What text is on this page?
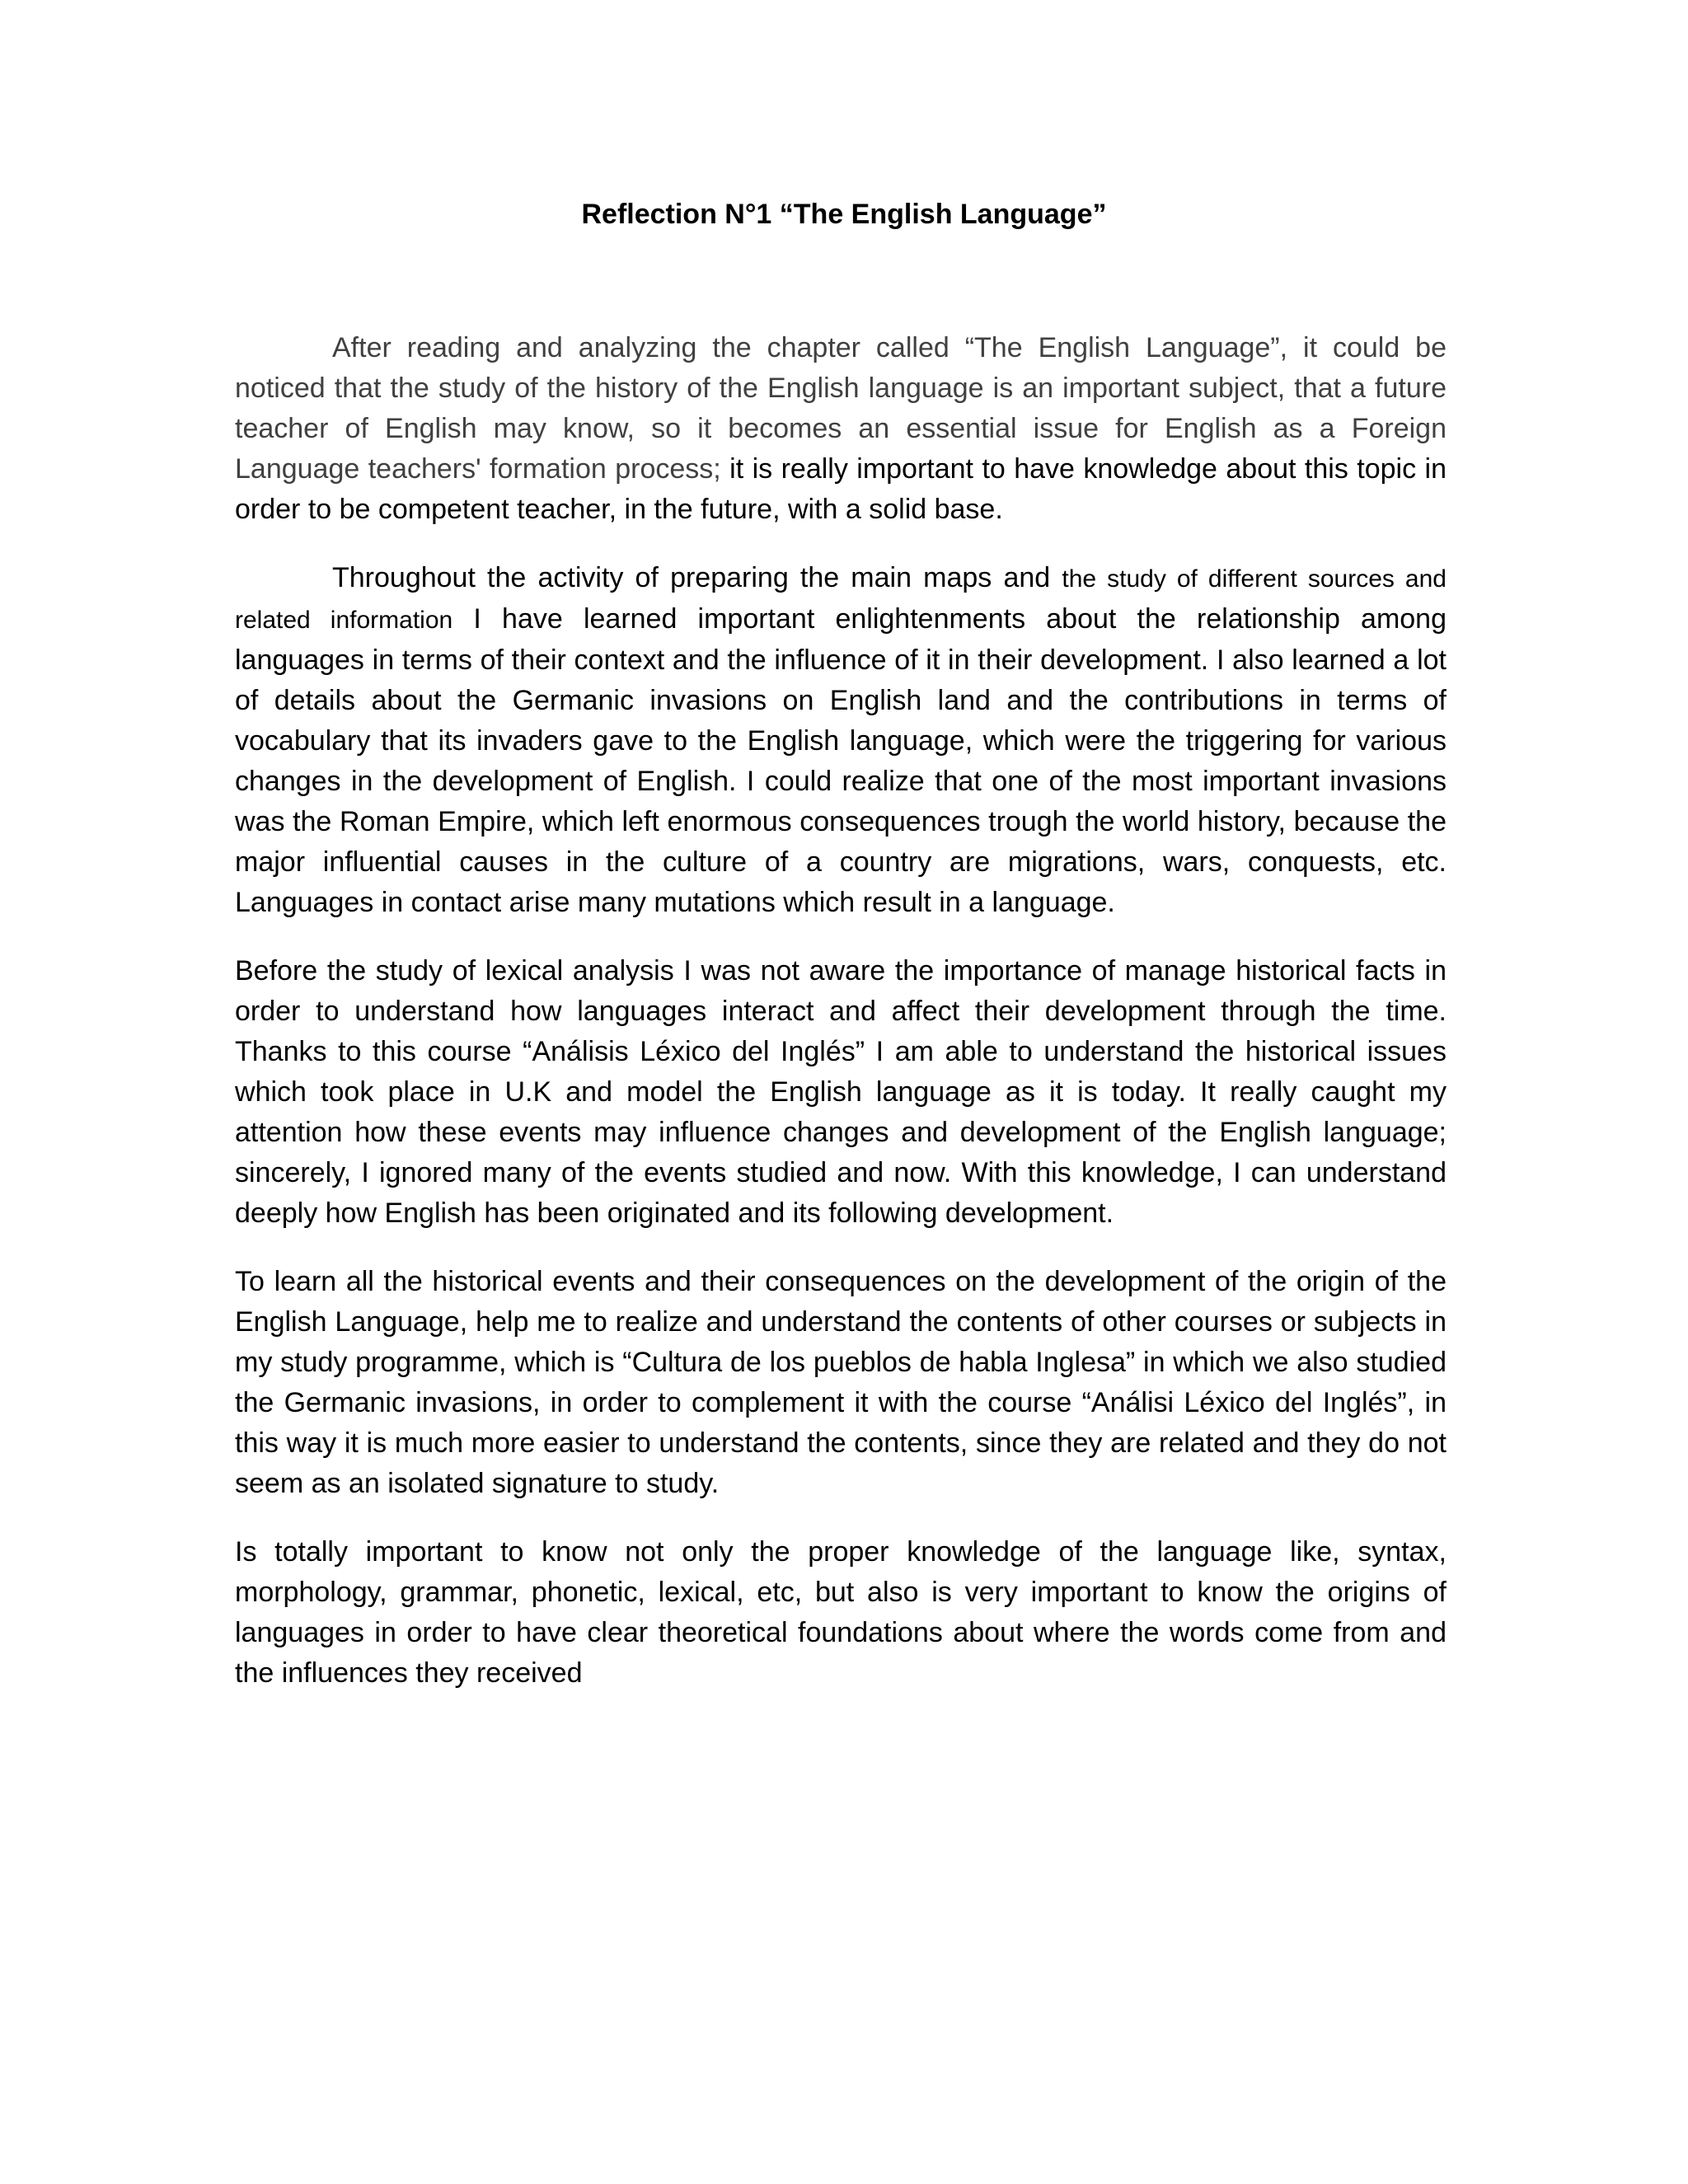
Reflection N°1 “The English Language”

After reading and analyzing the chapter called “The English Language”, it could be noticed that the study of the history of the English language is an important subject, that a future teacher of English may know, so it becomes an essential issue for English as a Foreign Language teachers' formation process; it is really important to have knowledge about this topic in order to be competent teacher, in the future, with a solid base.

Throughout the activity of preparing the main maps and the study of different sources and related information I have learned important enlightenments about the relationship among languages in terms of their context and the influence of it in their development. I also learned a lot of details about the Germanic invasions on English land and the contributions in terms of vocabulary that its invaders gave to the English language, which were the triggering for various changes in the development of English. I could realize that one of the most important invasions was the Roman Empire, which left enormous consequences trough the world history, because the major influential causes in the culture of a country are migrations, wars, conquests, etc. Languages in contact arise many mutations which result in a language.

Before the study of lexical analysis I was not aware the importance of manage historical facts in order to understand how languages interact and affect their development through the time. Thanks to this course “Análisis Léxico del Inglés” I am able to understand the historical issues which took place in U.K and model the English language as it is today. It really caught my attention how these events may influence changes and development of the English language; sincerely, I ignored many of the events studied and now. With this knowledge, I can understand deeply how English has been originated and its following development.

To learn all the historical events and their consequences on the development of the origin of the English Language, help me to realize and understand the contents of other courses or subjects in my study programme, which is “Cultura de los pueblos de habla Inglesa” in which we also studied the Germanic invasions, in order to complement it with the course “Análisi Léxico del Inglés”, in this way it is much more easier to understand the contents, since they are related and they do not seem as an isolated signature to study.

Is totally important to know not only the proper knowledge of the language like, syntax, morphology, grammar, phonetic, lexical, etc, but also is very important to know the origins of languages in order to have clear theoretical foundations about where the words come from and the influences they received
